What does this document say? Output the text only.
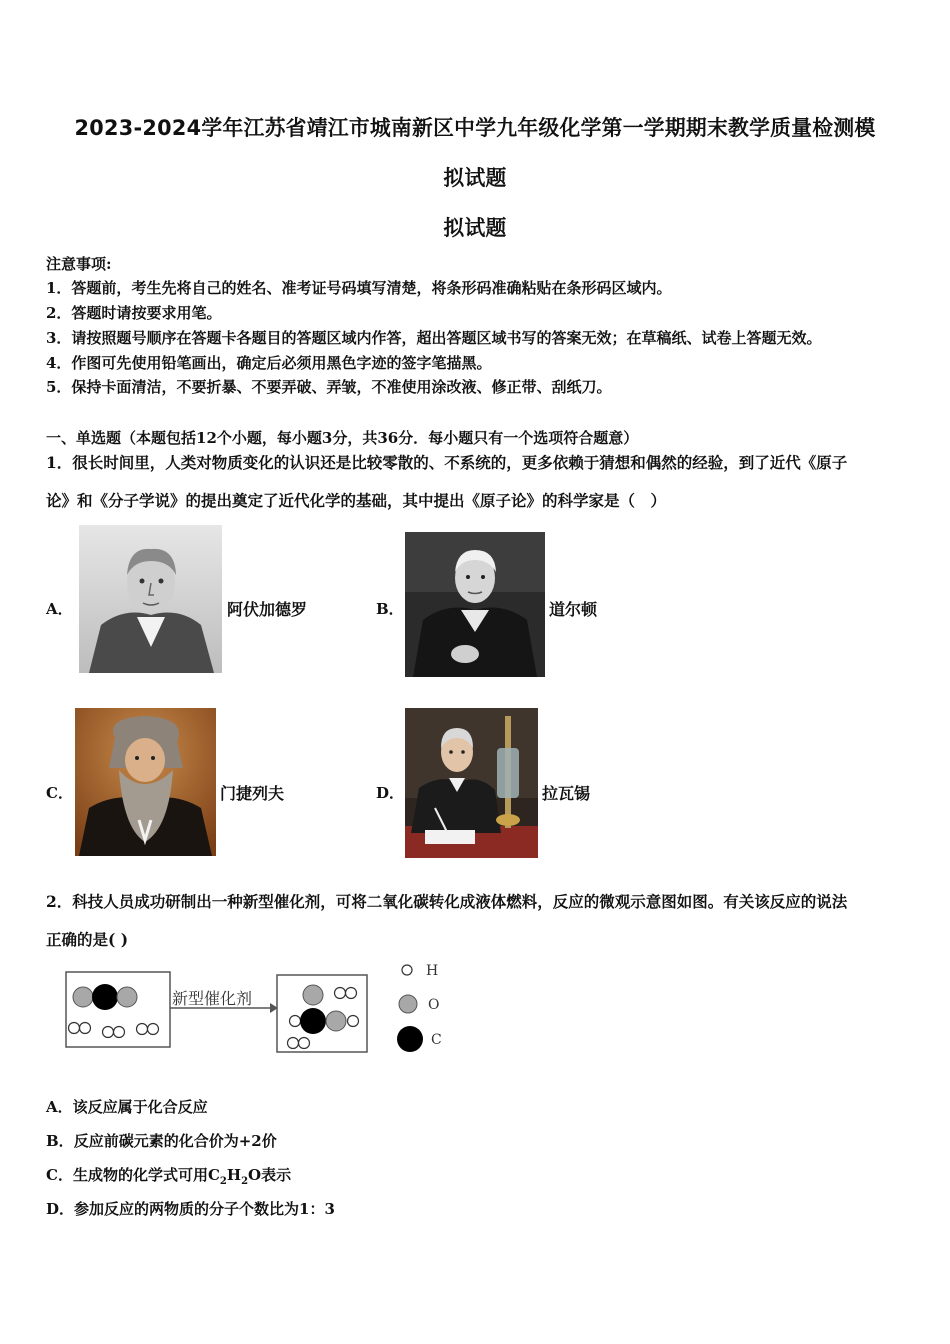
2023-2024学年江苏省靖江市城南新区中学九年级化学第一学期期末教学质量检测模
拟试题
拟试题
注意事项:
1．答题前，考生先将自己的姓名、准考证号码填写清楚，将条形码准确粘贴在条形码区域内。
2．答题时请按要求用笔。
3．请按照题号顺序在答题卡各题目的答题区域内作答，超出答题区域书写的答案无效；在草稿纸、试卷上答题无效。
4．作图可先使用铅笔画出，确定后必须用黑色字迹的签字笔描黑。
5．保持卡面清洁，不要折暴、不要弄破、弄皱，不准使用涂改液、修正带、刮纸刀。
一、单选题（本题包括12个小题，每小题3分，共36分．每小题只有一个选项符合题意）
1．很长时间里，人类对物质变化的认识还是比较零散的、不系统的，更多依赖于猜想和偶然的经验，到了近代《原子
论》和《分子学说》的提出奠定了近代化学的基础，其中提出《原子论》的科学家是（　）
A．	阿伏加德罗	B．	道尔顿
C．	门捷列夫	D．	拉瓦锡
2．科技人员成功研制出一种新型催化剂，可将二氧化碳转化成液体燃料，反应的微观示意图如图。有关该反应的说法
正确的是( )
新型催化剂
H
O
C
A．该反应属于化合反应
B．反应前碳元素的化合价为+2价
C．生成物的化学式可用$C_2H_2O$表示
D．参加反应的两物质的分子个数比为1：3
